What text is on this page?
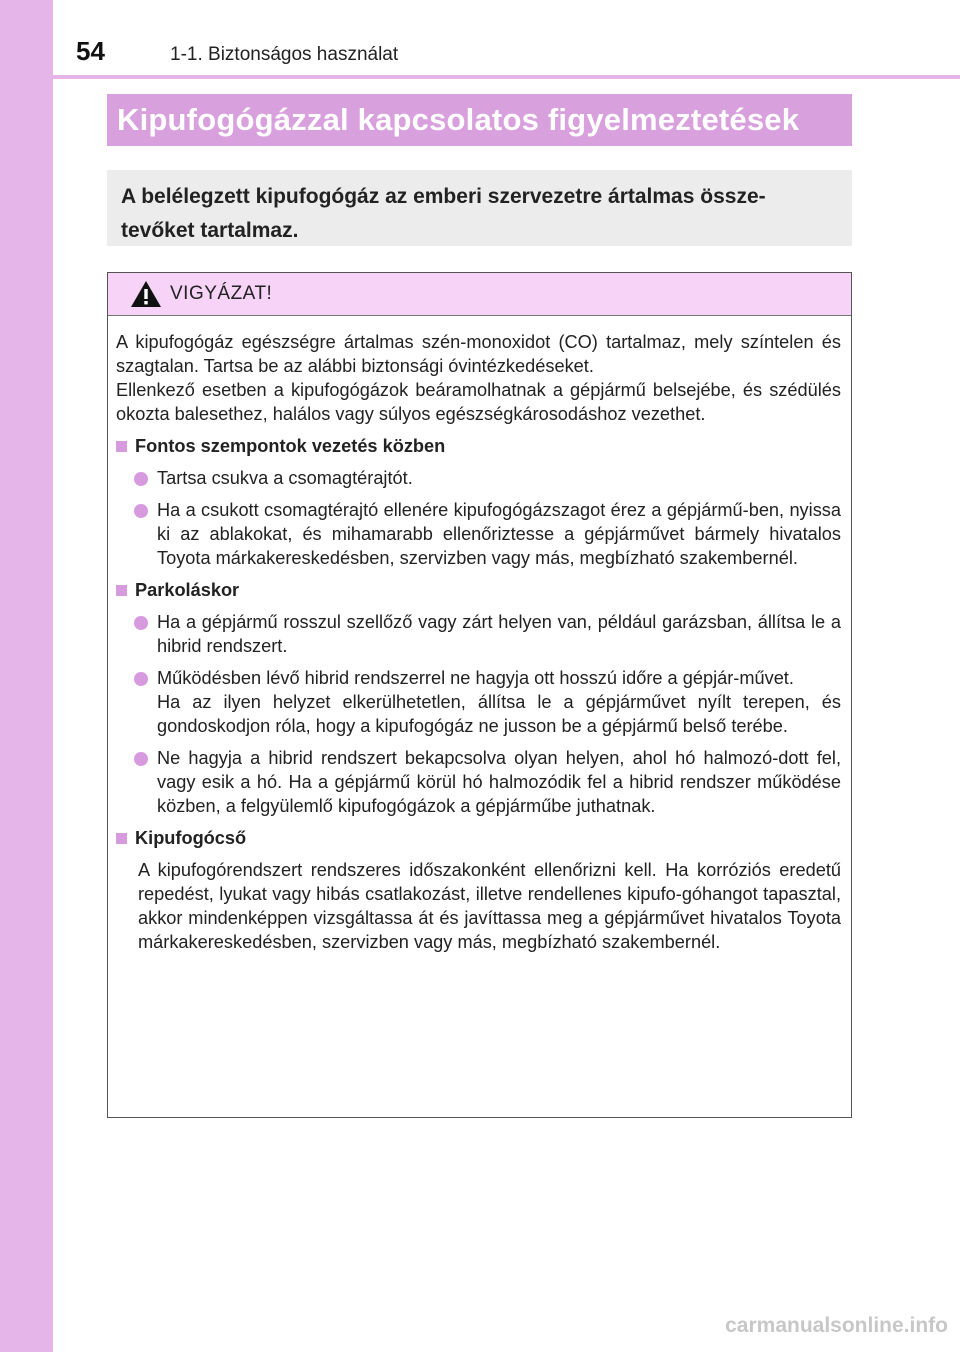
54	1-1. Biztonságos használat
Kipufogógázzal kapcsolatos figyelmeztetések
A belélegzett kipufogógáz az emberi szervezetre ártalmas össze-
tevőket tartalmaz.
VIGYÁZAT!

A kipufogógáz egészségre ártalmas szén-monoxidot (CO) tartalmaz, mely színtelen és szagtalan. Tartsa be az alábbi biztonsági óvintézkedéseket.

Ellenkező esetben a kipufogógázok beáramolhatnak a gépjármű belsejébe, és szédülés okozta balesethez, halálos vagy súlyos egészségkárosodáshoz vezethet.

Fontos szempontok vezetés közben
Tartsa csukva a csomagtérajtót.
Ha a csukott csomagtérajtó ellenére kipufogógázszagot érez a gépjármű-ben, nyissa ki az ablakokat, és mihamarabb ellenőriztesse a gépjárművet bármely hivatalos Toyota márkakereskedésben, szervizben vagy más, megbízható szakembernél.
Parkoláskor
Ha a gépjármű rosszul szellőző vagy zárt helyen van, például garázsban, állítsa le a hibrid rendszert.
Működésben lévő hibrid rendszerrel ne hagyja ott hosszú időre a gépjár-művet.
Ha az ilyen helyzet elkerülhetetlen, állítsa le a gépjárművet nyílt terepen, és gondoskodjon róla, hogy a kipufogógáz ne jusson be a gépjármű belső terébe.
Ne hagyja a hibrid rendszert bekapcsolva olyan helyen, ahol hó halmozó-dott fel, vagy esik a hó. Ha a gépjármű körül hó halmozódik fel a hibrid rendszer működése közben, a felgyülemlő kipufogógázok a gépjárműbe juthatnak.
Kipufogócső

A kipufogórendszert rendszeres időszakonként ellenőrizni kell. Ha korróziós eredetű repedést, lyukat vagy hibás csatlakozást, illetve rendellenes kipufo-góhangot tapasztal, akkor mindenképpen vizsgáltassa át és javíttassa meg a gépjárművet hivatalos Toyota márkakereskedésben, szervizben vagy más, megbízható szakembernél.

carmanualsonline.info
